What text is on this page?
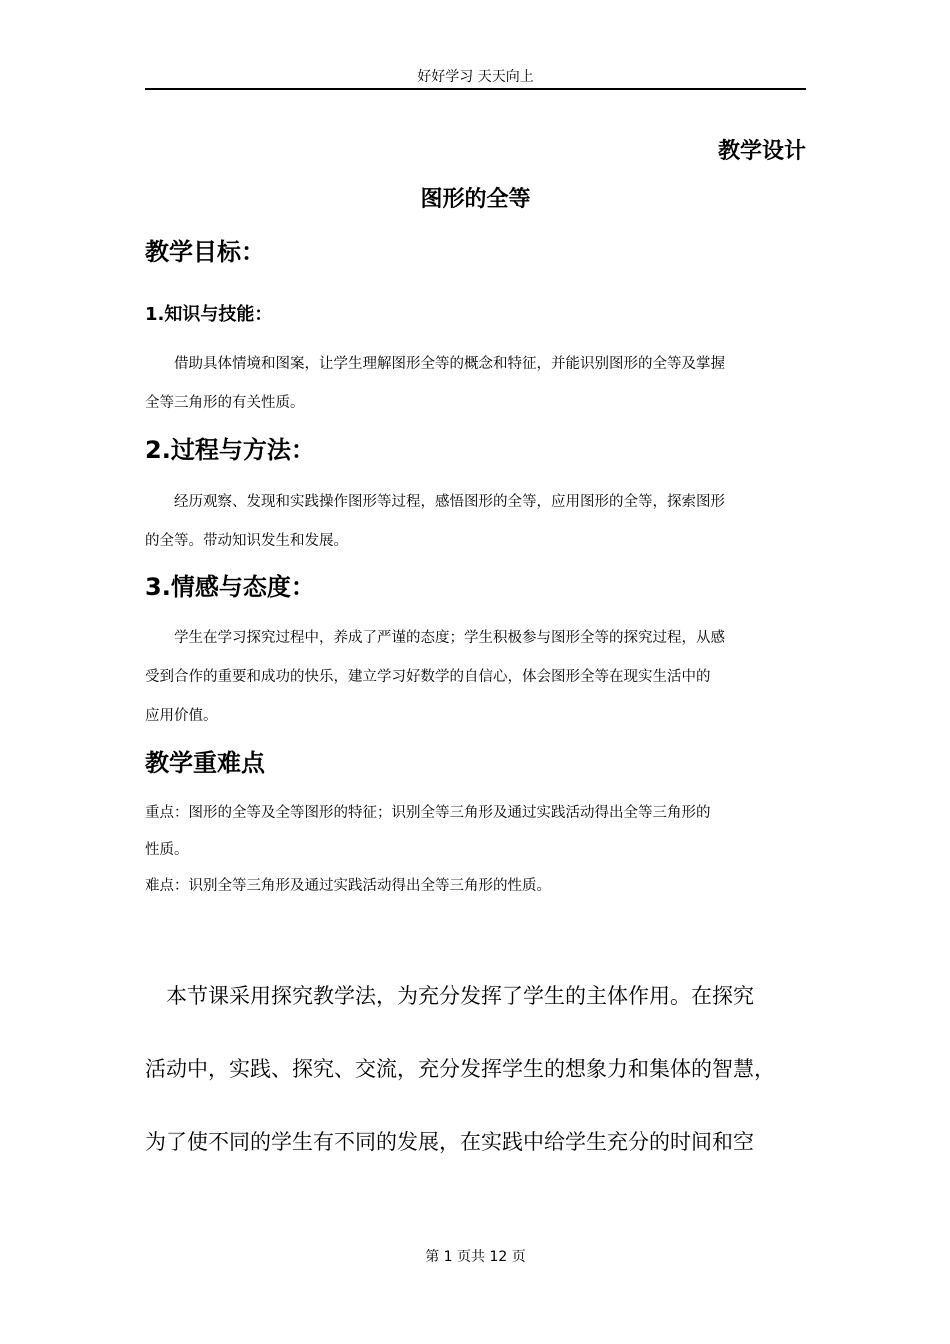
好好学习 天天向上
教学设计
图形的全等
教学目标：
1.知识与技能：
借助具体情境和图案，让学生理解图形全等的概念和特征，并能识别图形的全等及掌握
全等三角形的有关性质。
2.过程与方法：
经历观察、发现和实践操作图形等过程，感悟图形的全等，应用图形的全等，探索图形
的全等。带动知识发生和发展。
3.情感与态度：
学生在学习探究过程中，养成了严谨的态度；学生积极参与图形全等的探究过程，从感
受到合作的重要和成功的快乐，建立学习好数学的自信心，体会图形全等在现实生活中的
应用价值。
教学重难点
重点：图形的全等及全等图形的特征；识别全等三角形及通过实践活动得出全等三角形的
性质。
难点：识别全等三角形及通过实践活动得出全等三角形的性质。
本节课采用探究教学法，为充分发挥了学生的主体作用。在探究
活动中，实践、探究、交流，充分发挥学生的想象力和集体的智慧，
为了使不同的学生有不同的发展，在实践中给学生充分的时间和空
第 1 页共 12 页
